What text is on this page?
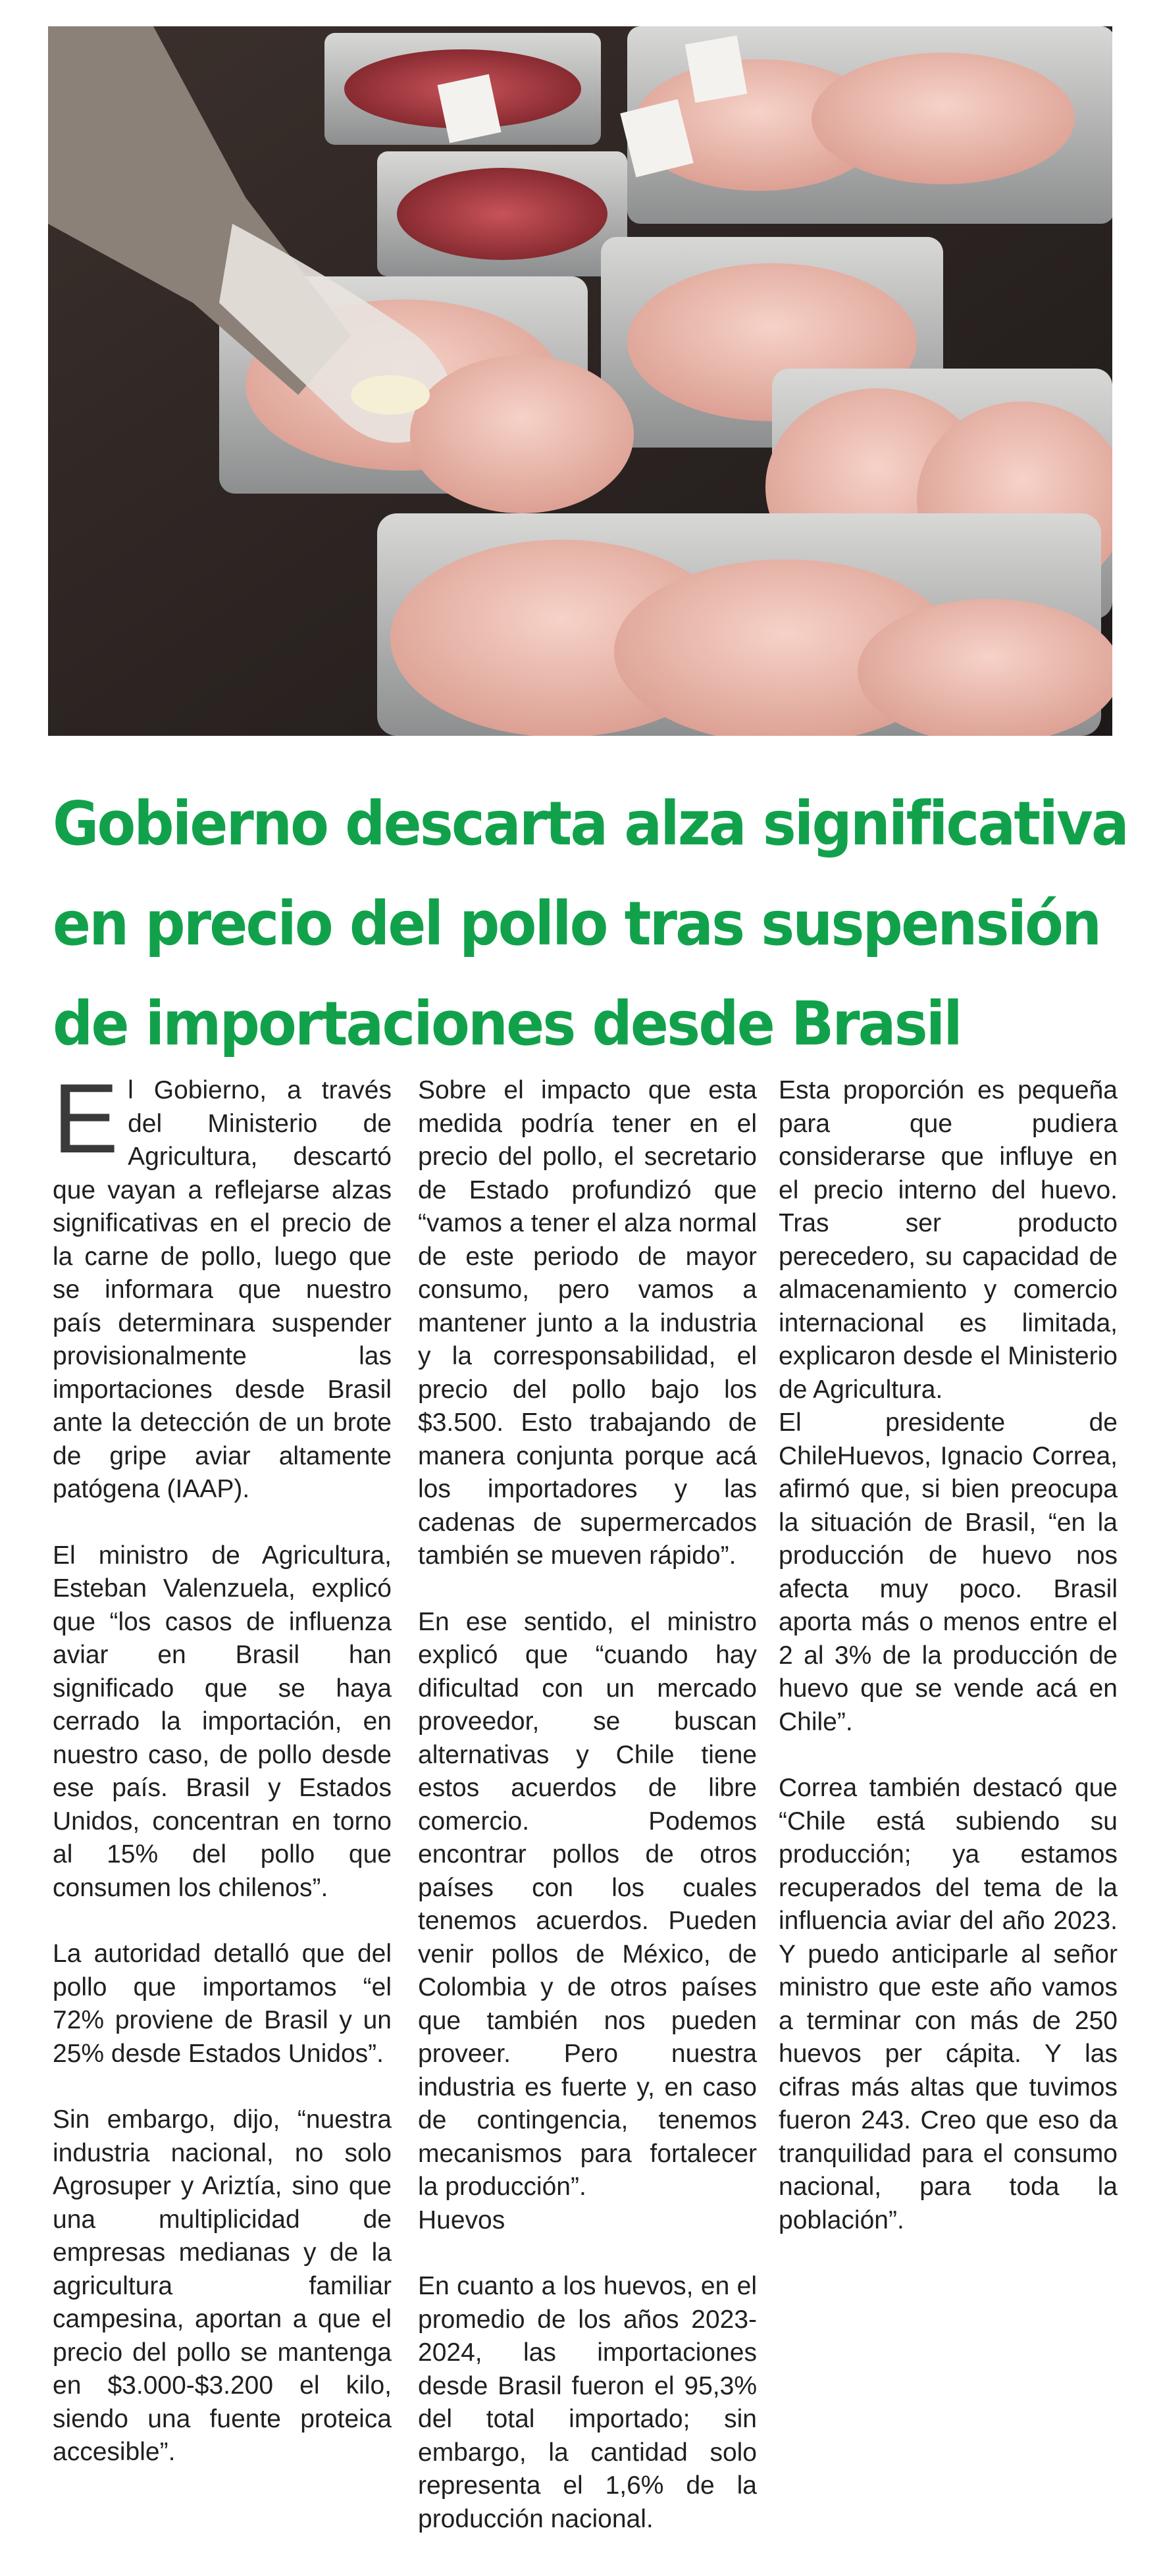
Gobierno descarta alza significativa
en precio del pollo tras suspensión
de importaciones desde Brasil

El Gobierno, a través del Ministerio de Agricultura, descartó que vayan a reflejarse alzas significativas en el precio de la carne de pollo, luego que se informara que nuestro país determinara suspender provisionalmente las importaciones desde Brasil ante la detección de un brote de gripe aviar altamente patógena (IAAP).

El ministro de Agricultura, Esteban Valenzuela, explicó que “los casos de influenza aviar en Brasil han significado que se haya cerrado la importación, en nuestro caso, de pollo desde ese país. Brasil y Estados Unidos, concentran en torno al 15% del pollo que consumen los chilenos”.

La autoridad detalló que del pollo que importamos “el 72% proviene de Brasil y un 25% desde Estados Unidos”.

Sin embargo, dijo, “nuestra industria nacional, no solo Agrosuper y Ariztía, sino que una multiplicidad de empresas medianas y de la agricultura familiar campesina, aportan a que el precio del pollo se mantenga en $3.000-$3.200 el kilo, siendo una fuente proteica accesible”.

Sobre el impacto que esta medida podría tener en el precio del pollo, el secretario de Estado profundizó que “vamos a tener el alza normal de este periodo de mayor consumo, pero vamos a mantener junto a la industria y la corresponsabilidad, el precio del pollo bajo los $3.500. Esto trabajando de manera conjunta porque acá los importadores y las cadenas de supermercados también se mueven rápido”.

En ese sentido, el ministro explicó que “cuando hay dificultad con un mercado proveedor, se buscan alternativas y Chile tiene estos acuerdos de libre comercio. Podemos encontrar pollos de otros países con los cuales tenemos acuerdos. Pueden venir pollos de México, de Colombia y de otros países que también nos pueden proveer. Pero nuestra industria es fuerte y, en caso de contingencia, tenemos mecanismos para fortalecer la producción”.

Huevos

En cuanto a los huevos, en el promedio de los años 2023-2024, las importaciones desde Brasil fueron el 95,3% del total importado; sin embargo, la cantidad solo representa el 1,6% de la producción nacional.

Esta proporción es pequeña para que pudiera considerarse que influye en el precio interno del huevo. Tras ser producto perecedero, su capacidad de almacenamiento y comercio internacional es limitada, explicaron desde el Ministerio de Agricultura.

El presidente de ChileHuevos, Ignacio Correa, afirmó que, si bien preocupa la situación de Brasil, “en la producción de huevo nos afecta muy poco. Brasil aporta más o menos entre el 2 al 3% de la producción de huevo que se vende acá en Chile”.

Correa también destacó que “Chile está subiendo su producción; ya estamos recuperados del tema de la influencia aviar del año 2023. Y puedo anticiparle al señor ministro que este año vamos a terminar con más de 250 huevos per cápita. Y las cifras más altas que tuvimos fueron 243. Creo que eso da tranquilidad para el consumo nacional, para toda la población”.
